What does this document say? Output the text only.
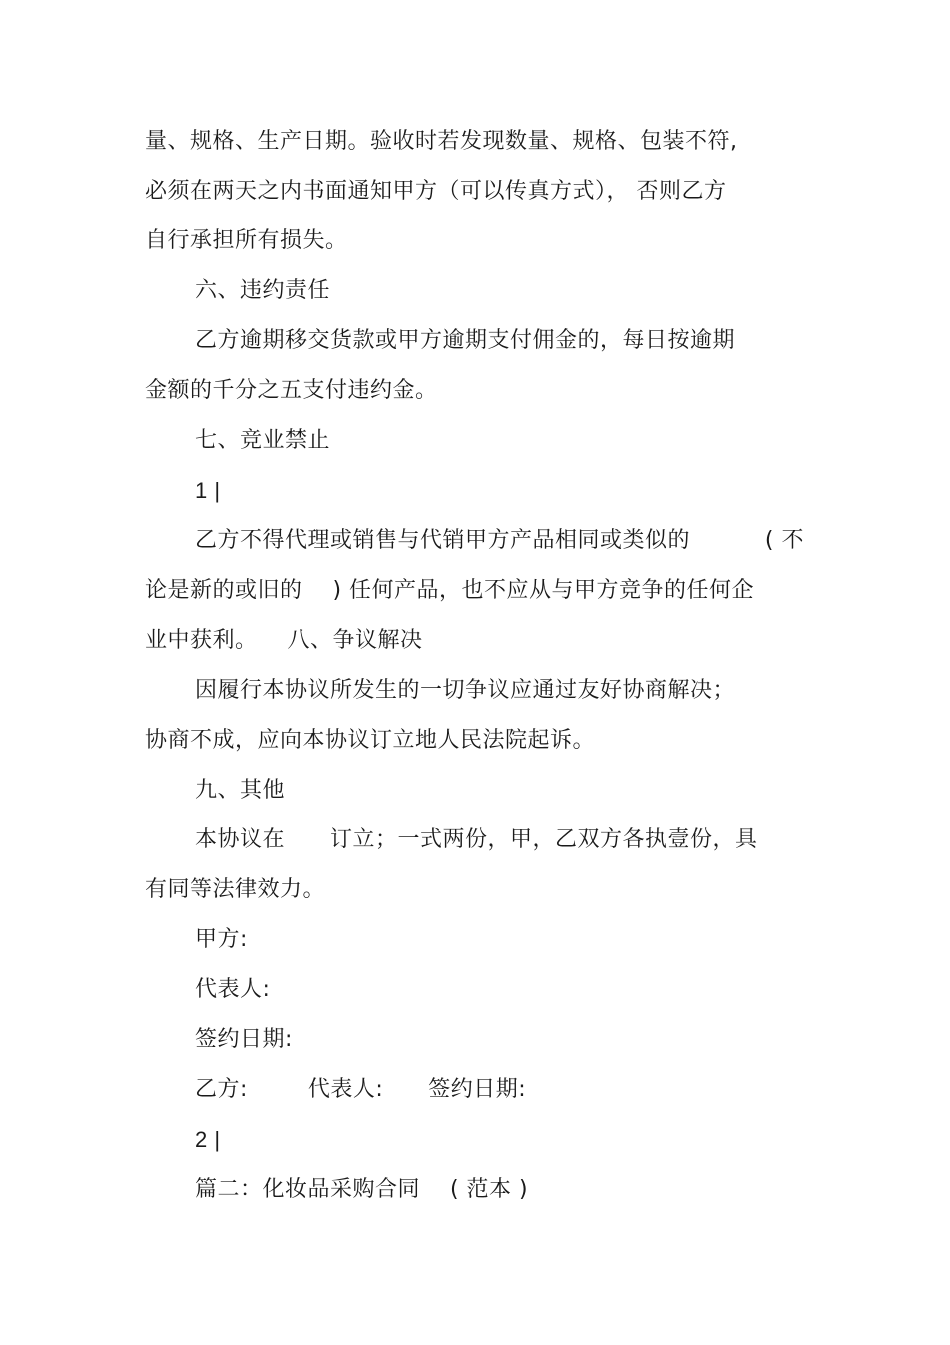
量、规格、生产日期。验收时若发现数量、规格、包装不符,
必须在两天之内书面通知甲方（可以传真方式）， 否则乙方
自行承担所有损失。
六、违约责任
乙方逾期移交货款或甲方逾期支付佣金的，每日按逾期
金额的千分之五支付违约金。
七、竞业禁止
1 |
乙方不得代理或销售与代销甲方产品相同或类似的          ( 不
论是新的或旧的    ) 任何产品，也不应从与甲方竞争的任何企
业中获利。    八、争议解决
因履行本协议所发生的一切争议应通过友好协商解决；
协商不成，应向本协议订立地人民法院起诉。
九、其他
本协议在      订立；一式两份，甲，乙双方各执壹份，具
有同等法律效力。
甲方:
代表人:
签约日期:
乙方:        代表人:      签约日期:
2 |
篇二：化妆品采购合同    ( 范本 )
